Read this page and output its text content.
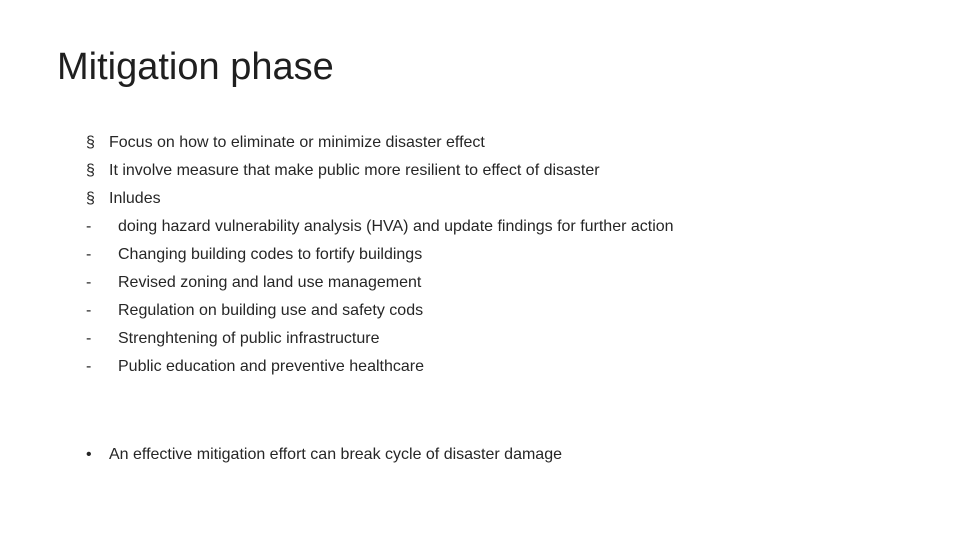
Mitigation phase
§ Focus on how to eliminate or minimize disaster effect
§ It involve measure that make public more resilient to effect of disaster
§ Inludes
-	doing hazard vulnerability analysis (HVA) and update findings for further action
-	Changing building codes to fortify buildings
-	Revised zoning and land use management
-	Regulation on building use and safety cods
-	Strenghtening of public infrastructure
-	Public education and preventive healthcare
• An effective mitigation effort can break cycle of disaster damage
